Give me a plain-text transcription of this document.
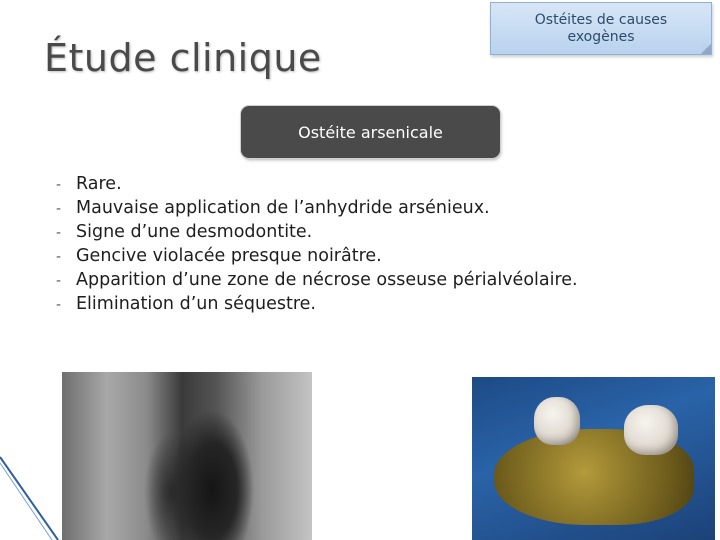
Étude clinique
Ostéites de causes exogènes
Ostéite arsenicale
- Rare.
- Mauvaise application de l’anhydride arsénieux.
- Signe d’une desmodontite.
- Gencive violacée presque noirâtre.
- Apparition d’une zone de nécrose osseuse périalvéolaire.
- Elimination d’un séquestre.
